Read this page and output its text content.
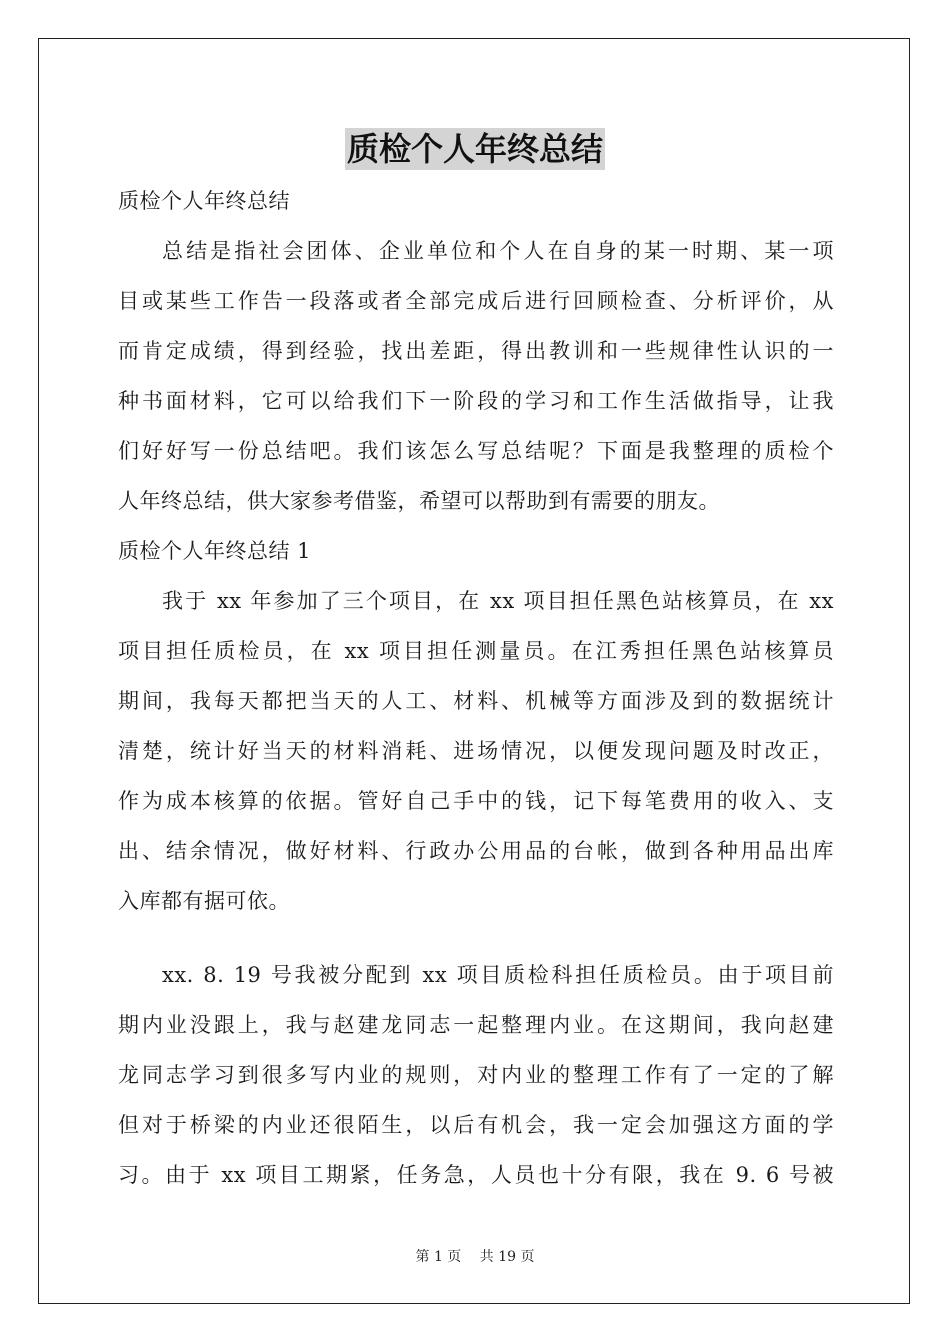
质检个人年终总结
质检个人年终总结
总结是指社会团体、企业单位和个人在自身的某一时期、某一项
目或某些工作告一段落或者全部完成后进行回顾检查、分析评价，从
而肯定成绩，得到经验，找出差距，得出教训和一些规律性认识的一
种书面材料，它可以给我们下一阶段的学习和工作生活做指导，让我
们好好写一份总结吧。我们该怎么写总结呢？下面是我整理的质检个
人年终总结，供大家参考借鉴，希望可以帮助到有需要的朋友。
质检个人年终总结 1
我于 xx 年参加了三个项目，在 xx 项目担任黑色站核算员，在 xx
项目担任质检员，在 xx 项目担任测量员。在江秀担任黑色站核算员
期间，我每天都把当天的人工、材料、机械等方面涉及到的数据统计
清楚，统计好当天的材料消耗、进场情况，以便发现问题及时改正，
作为成本核算的依据。管好自己手中的钱，记下每笔费用的收入、支
出、结余情况，做好材料、行政办公用品的台帐，做到各种用品出库
入库都有据可依。
xx. 8. 19 号我被分配到 xx 项目质检科担任质检员。由于项目前
期内业没跟上，我与赵建龙同志一起整理内业。在这期间，我向赵建
龙同志学习到很多写内业的规则，对内业的整理工作有了一定的了解
但对于桥梁的内业还很陌生，以后有机会，我一定会加强这方面的学
习。由于 xx 项目工期紧，任务急，人员也十分有限，我在 9. 6 号被
第 1 页　 共 19 页
